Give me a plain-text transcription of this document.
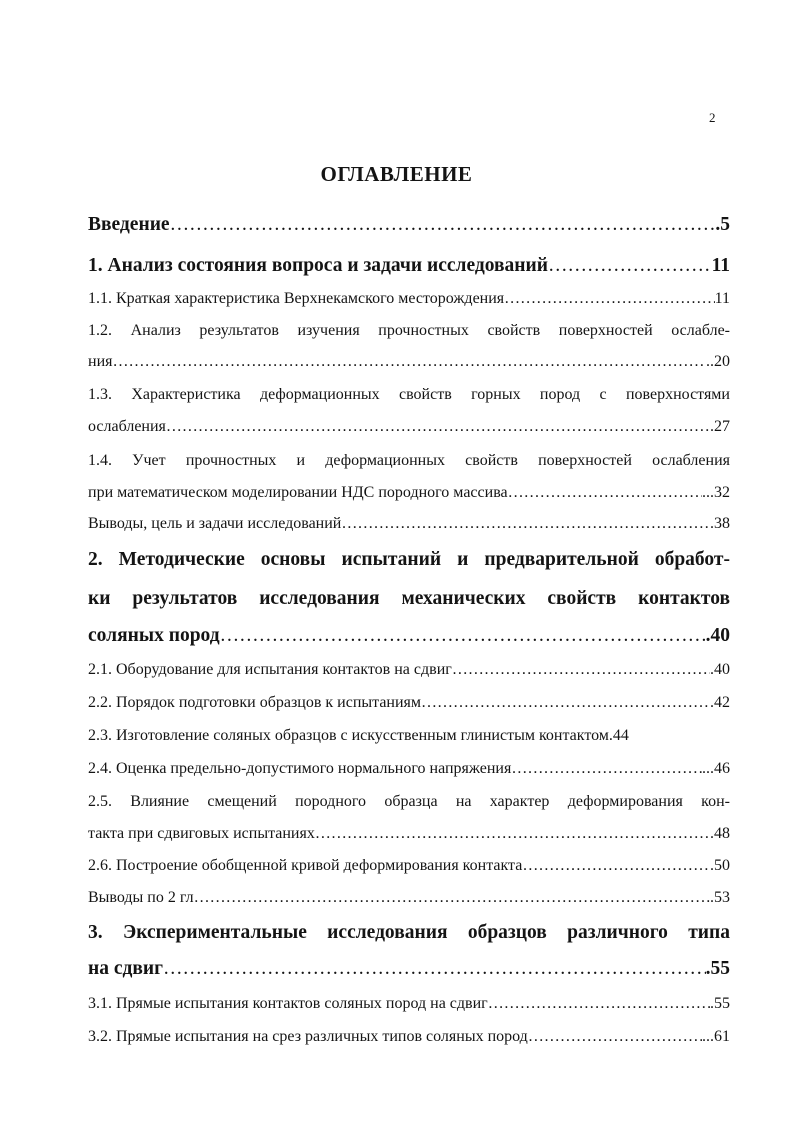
2
ОГЛАВЛЕНИЕ
Введение …………………………………………………………………………………………………………………………………………………………………	.5
1. Анализ состояния вопроса и задачи исследований …………………………………………………………………………………………………………………………………………………………………	11
1.1. Краткая характеристика Верхнекамского месторождения …………………………………………………………………………………………………………………………………………………………………	11
1.2. Анализ результатов изучения прочностных свойств поверхностей ослабле-
ния …………………………………………………………………………………………………………………………………………………………………	..20
1.3. Характеристика деформационных свойств горных пород с поверхностями
ослабления …………………………………………………………………………………………………………………………………………………………………	.27
1.4. Учет прочностных и деформационных свойств поверхностей ослабления
при математическом моделировании НДС породного массива …………………………………………………………………………………………………………………………………………………………………	...32
Выводы, цель и задачи исследований …………………………………………………………………………………………………………………………………………………………………	.38
2. Методические основы испытаний и предварительной обработ-
ки результатов исследования механических свойств контактов
соляных пород …………………………………………………………………………………………………………………………………………………………………	.40
2.1. Оборудование для испытания контактов на сдвиг …………………………………………………………………………………………………………………………………………………………………	.40
2.2. Порядок подготовки образцов к испытаниям …………………………………………………………………………………………………………………………………………………………………	.42
2.3. Изготовление соляных образцов с искусственным глинистым контактом.44
2.4. Оценка предельно-допустимого нормального напряжения …………………………………………………………………………………………………………………………………………………………………	...46
2.5. Влияние смещений породного образца на характер деформирования кон-
такта при сдвиговых испытаниях …………………………………………………………………………………………………………………………………………………………………	.48
2.6. Построение обобщенной кривой деформирования контакта …………………………………………………………………………………………………………………………………………………………………	.50
Выводы по 2 гл …………………………………………………………………………………………………………………………………………………………………	.53
3. Экспериментальные исследования образцов различного типа
на сдвиг …………………………………………………………………………………………………………………………………………………………………	.55
3.1. Прямые испытания контактов соляных пород на сдвиг …………………………………………………………………………………………………………………………………………………………………	.55
3.2. Прямые испытания на срез различных типов соляных пород …………………………………………………………………………………………………………………………………………………………………	...61
